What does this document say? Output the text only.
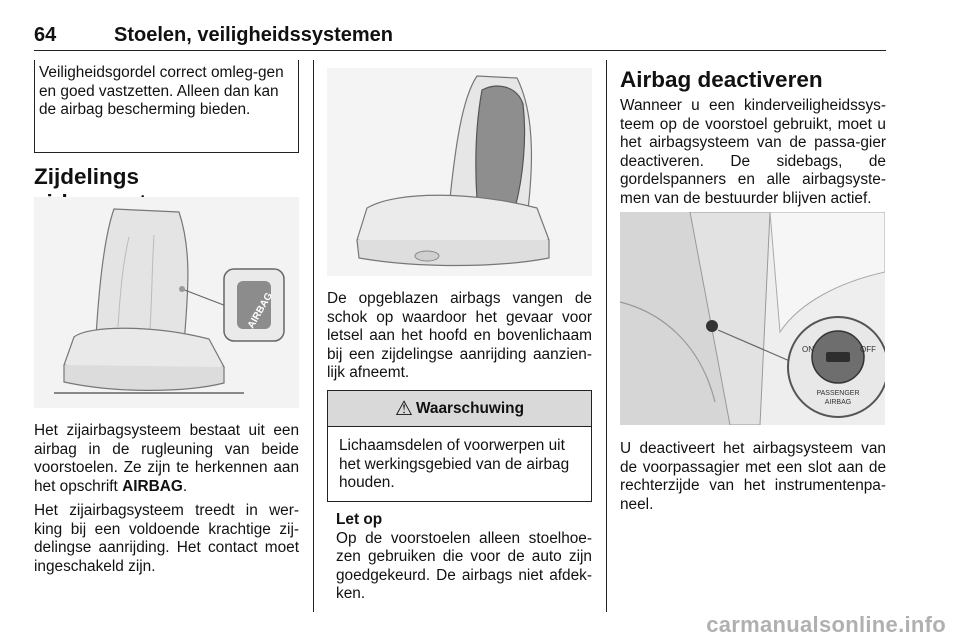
64	Stoelen, veiligheidssystemen
Veiligheidsgordel correct omleg-gen en goed vastzetten. Alleen dan kan de airbag bescherming bieden.
Zijdelings
AIRBAG
Het zijairbagsysteem bestaat uit een airbag in de rugleuning van beide voorstoelen. Ze zijn te herkennen aan het opschrift AIRBAG.
Het zijairbagsysteem treedt in wer-king bij een voldoende krachtige zij-delingse aanrijding. Het contact moet ingeschakeld zijn.
De opgeblazen airbags vangen de schok op waardoor het gevaar voor letsel aan het hoofd en bovenlichaam bij een zijdelingse aanrijding aanzien-lijk afneemt.
⚠ Waarschuwing
Lichaamsdelen of voorwerpen uit het werkingsgebied van de airbag houden.
Let op
Op de voorstoelen alleen stoelhoe-zen gebruiken die voor de auto zijn goedgekeurd. De airbags niet afdek-ken.
Airbag deactiveren
Wanneer u een kinderveiligheidssys-teem op de voorstoel gebruikt, moet u het airbagsysteem van de passa-gier deactiveren. De sidebags, de gordelspanners en alle airbagsyste-men van de bestuurder blijven actief.
ON	OFF
PASSENGER
AIRBAG
U deactiveert het airbagsysteem van de voorpassagier met een slot aan de rechterzijde van het instrumentenpa-neel.
carmanualsonline.info
